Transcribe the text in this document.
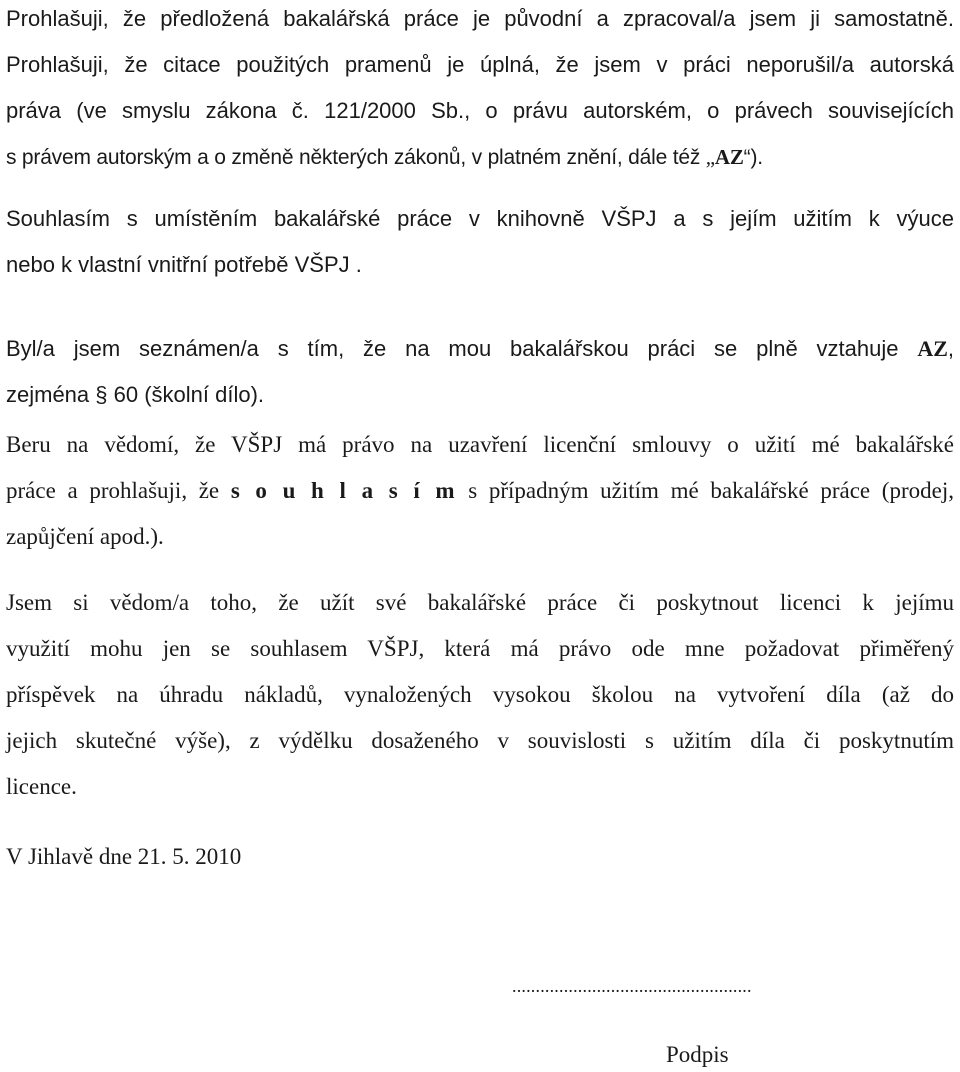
Prohlašuji, že předložená bakalářská práce je původní a zpracoval/a jsem ji samostatně.
Prohlašuji, že citace použitých pramenů je úplná, že jsem v práci neporušil/a autorská
práva (ve smyslu zákona č. 121/2000 Sb., o právu autorském, o právech souvisejících
s právem autorským a o změně některých zákonů, v platném znění, dále též „AZ“).
Souhlasím s umístěním bakalářské práce v knihovně VŠPJ a s jejím užitím k výuce
nebo k vlastní vnitřní potřebě VŠPJ .
Byl/a jsem seznámen/a s tím, že na mou bakalářskou práci se plně vztahuje AZ,
zejména § 60 (školní dílo).
Beru na vědomí, že VŠPJ má právo na uzavření licenční smlouvy o užití mé bakalářské
práce a prohlašuji, že s o u h l a s í m s případným užitím mé bakalářské práce (prodej,
zapůjčení apod.).
Jsem si vědom/a toho, že užít své bakalářské práce či poskytnout licenci k jejímu
využití mohu jen se souhlasem VŠPJ, která má právo ode mne požadovat přiměřený
příspěvek na úhradu nákladů, vynaložených vysokou školou na vytvoření díla (až do
jejich skutečné výše), z výdělku dosaženého v souvislosti s užitím díla či poskytnutím
licence.
V Jihlavě dne 21. 5. 2010
...................................................
Podpis
